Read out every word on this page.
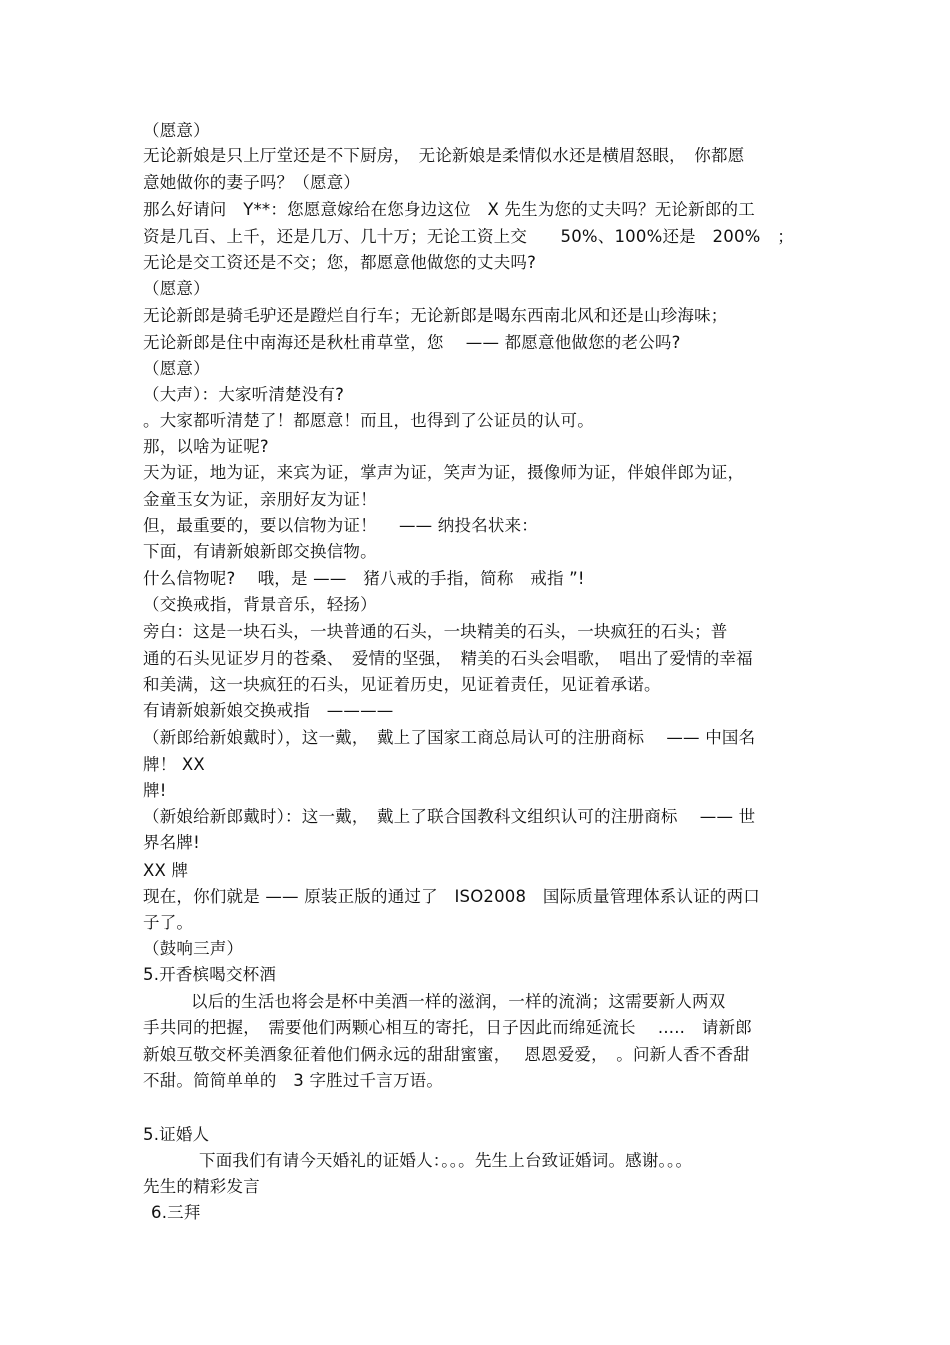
（愿意）
无论新娘是只上厅堂还是不下厨房，　无论新娘是柔情似水还是横眉怒眼，　你都愿
意她做你的妻子吗？（愿意）
那么好请问　Y**：您愿意嫁给在您身边这位　X 先生为您的丈夫吗？无论新郎的工
资是几百、上千，还是几万、几十万；无论工资上交　　50%、100%还是　200%　；
无论是交工资还是不交；您，都愿意他做您的丈夫吗?
（愿意）
无论新郎是骑毛驴还是蹬烂自行车；无论新郎是喝东西南北风和还是山珍海味；
无论新郎是住中南海还是秋杜甫草堂，您　 —— 都愿意他做您的老公吗?
（愿意）
（大声）：大家听清楚没有?
。大家都听清楚了！都愿意！而且，也得到了公证员的认可。
那，以啥为证呢?
天为证，地为证，来宾为证，掌声为证，笑声为证，摄像师为证，伴娘伴郎为证，
金童玉女为证，亲朋好友为证！
但，最重要的，要以信物为证！　 —— 纳投名状来：
下面，有请新娘新郎交换信物。
什么信物呢?　 哦，是 ——　猪八戒的手指，简称　戒指 ”!
（交换戒指，背景音乐，轻扬）
旁白：这是一块石头，一块普通的石头，一块精美的石头，一块疯狂的石头；普
通的石头见证岁月的苍桑、　爱情的坚强，　精美的石头会唱歌，　唱出了爱情的幸福
和美满，这一块疯狂的石头，见证着历史，见证着责任，见证着承诺。
有请新娘新娘交换戒指　————
（新郎给新娘戴时），这一戴，　戴上了国家工商总局认可的注册商标　 —— 中国名
牌！ XX
牌!
（新娘给新郎戴时）：这一戴，　戴上了联合国教科文组织认可的注册商标　 —— 世
界名牌!
XX 牌
现在，你们就是 —— 原装正版的通过了　ISO2008　国际质量管理体系认证的两口
子了。
（鼓响三声）
5.开香槟喝交杯酒
以后的生活也将会是杯中美酒一样的滋润，一样的流淌；这需要新人两双
手共同的把握，　需要他们两颗心相互的寄托，日子因此而绵延流长　 .....　请新郎
新娘互敬交杯美酒象征着他们俩永远的甜甜蜜蜜，　 恩恩爱爱，　。问新人香不香甜
不甜。简简单单的　3 字胜过千言万语。
5.证婚人
下面我们有请今天婚礼的证婚人：。。。先生上台致证婚词。感谢。。。
先生的精彩发言
6.三拜
